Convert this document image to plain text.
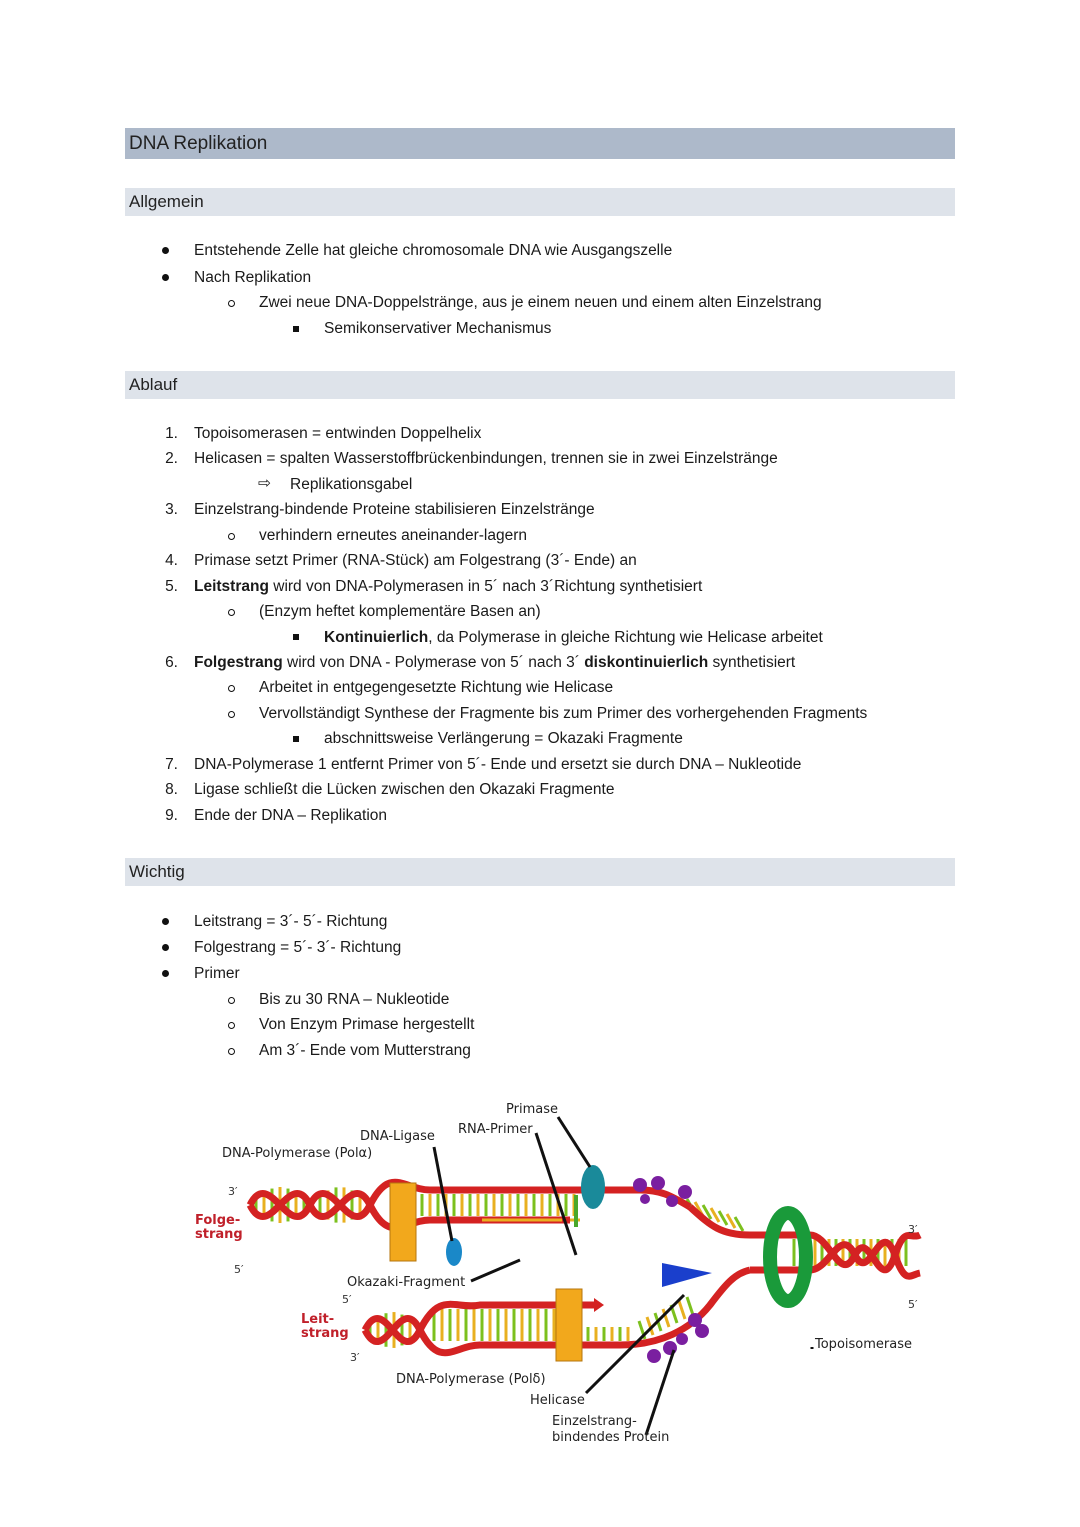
DNA Replikation
Allgemein
Entstehende Zelle hat gleiche chromosomale DNA wie Ausgangszelle
Nach Replikation
Zwei neue DNA-Doppelstränge, aus je einem neuen und einem alten Einzelstrang
Semikonservativer Mechanismus
Ablauf
1. Topoisomerasen = entwinden Doppelhelix
2. Helicasen = spalten Wasserstoffbrückenbindungen, trennen sie in zwei Einzelstränge
⇨ Replikationsgabel
3. Einzelstrang-bindende Proteine stabilisieren Einzelstränge
verhindern erneutes aneinander-lagern
4. Primase setzt Primer (RNA-Stück) am Folgestrang (3´- Ende) an
5. Leitstrang wird von DNA-Polymerasen in 5´ nach 3´Richtung synthetisiert
(Enzym heftet komplementäre Basen an)
Kontinuierlich, da Polymerase in gleiche Richtung wie Helicase arbeitet
6. Folgestrang wird von DNA - Polymerase von 5´ nach 3´ diskontinuierlich synthetisiert
Arbeitet in entgegengesetzte Richtung wie Helicase
Vervollständigt Synthese der Fragmente bis zum Primer des vorhergehenden Fragments
abschnittsweise Verlängerung = Okazaki Fragmente
7. DNA-Polymerase 1 entfernt Primer von 5´- Ende und ersetzt sie durch DNA – Nukleotide
8. Ligase schließt die Lücken zwischen den Okazaki Fragmente
9. Ende der DNA – Replikation
Wichtig
Leitstrang = 3´- 5´- Richtung
Folgestrang = 5´- 3´- Richtung
Primer
Bis zu 30 RNA – Nukleotide
Von Enzym Primase hergestellt
Am 3´- Ende vom Mutterstrang
Primase
RNA-Primer
DNA-Ligase
DNA-Polymerase (Polα)
3′
Folge-
strang
5′
Okazaki-Fragment
5′
Leit-
strang
3′
DNA-Polymerase (Polδ)
Helicase
Einzelstrang-
bindendes Protein
Topoisomerase
3′
5′
